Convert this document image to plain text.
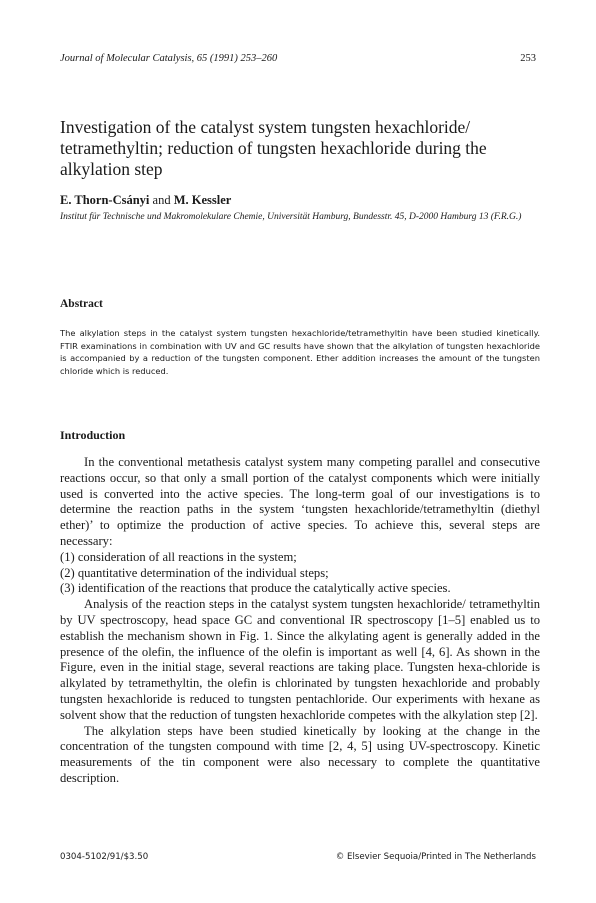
Journal of Molecular Catalysis, 65 (1991) 253–260	253
Investigation of the catalyst system tungsten hexachloride/ tetramethyltin; reduction of tungsten hexachloride during the alkylation step
E. Thorn-Csányi and M. Kessler
Institut für Technische und Makromolekulare Chemie, Universität Hamburg, Bundesstr. 45, D-2000 Hamburg 13 (F.R.G.)
Abstract

The alkylation steps in the catalyst system tungsten hexachloride/tetramethyltin have been studied kinetically. FTIR examinations in combination with UV and GC results have shown that the alkylation of tungsten hexachloride is accompanied by a reduction of the tungsten component. Ether addition increases the amount of the tungsten chloride which is reduced.

Introduction

In the conventional metathesis catalyst system many competing parallel and consecutive reactions occur, so that only a small portion of the catalyst components which were initially used is converted into the active species. The long-term goal of our investigations is to determine the reaction paths in the system ‘tungsten hexachloride/tetramethyltin (diethyl ether)’ to optimize the production of active species. To achieve this, several steps are necessary:

(1) consideration of all reactions in the system;
(2) quantitative determination of the individual steps;
(3) identification of the reactions that produce the catalytically active species.

Analysis of the reaction steps in the catalyst system tungsten hexachloride/ tetramethyltin by UV spectroscopy, head space GC and conventional IR spectroscopy [1–5] enabled us to establish the mechanism shown in Fig. 1. Since the alkylating agent is generally added in the presence of the olefin, the influence of the olefin is important as well [4, 6]. As shown in the Figure, even in the initial stage, several reactions are taking place. Tungsten hexa-chloride is alkylated by tetramethyltin, the olefin is chlorinated by tungsten hexachloride and probably tungsten hexachloride is reduced to tungsten pentachloride. Our experiments with hexane as solvent show that the reduction of tungsten hexachloride competes with the alkylation step [2].

The alkylation steps have been studied kinetically by looking at the change in the concentration of the tungsten compound with time [2, 4, 5] using UV-spectroscopy. Kinetic measurements of the tin component were also necessary to complete the quantitative description.

0304-5102/91/$3.50	© Elsevier Sequoia/Printed in The Netherlands
